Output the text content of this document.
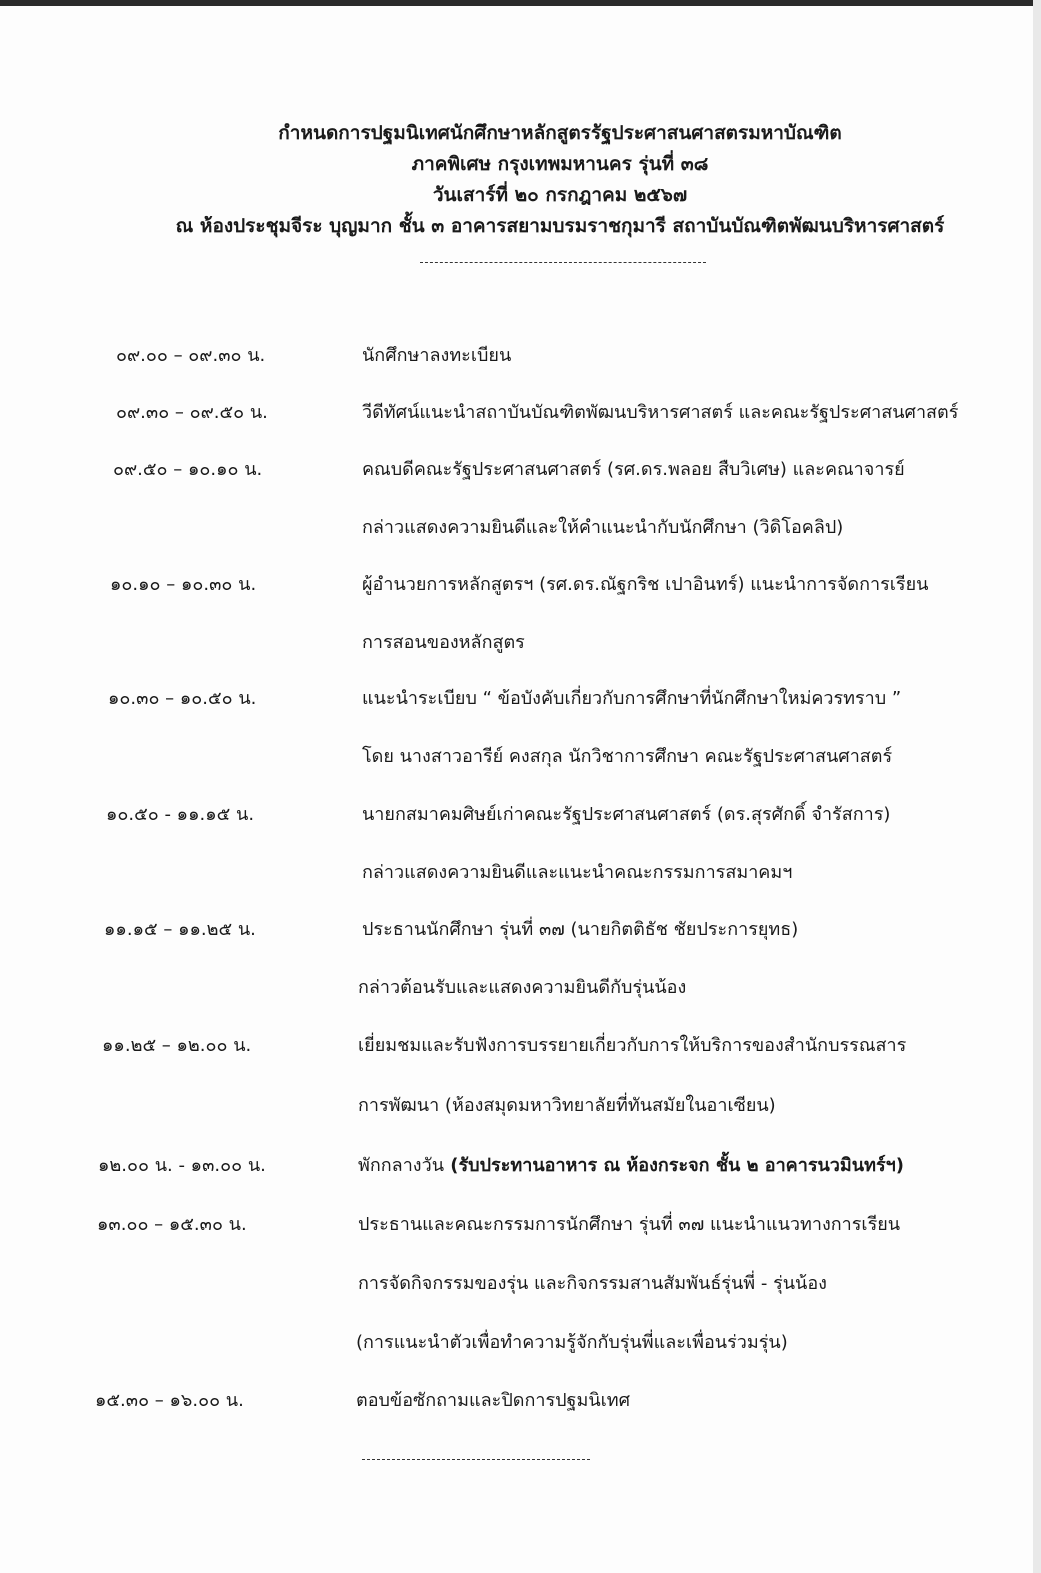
กำหนดการปฐมนิเทศนักศึกษาหลักสูตรรัฐประศาสนศาสตรมหาบัณฑิต
ภาคพิเศษ กรุงเทพมหานคร รุ่นที่ ๓๘
วันเสาร์ที่ ๒๐ กรกฎาคม ๒๕๖๗
ณ ห้องประชุมจีระ บุญมาก ชั้น ๓ อาคารสยามบรมราชกุมารี สถาบันบัณฑิตพัฒนบริหารศาสตร์
๐๙.๐๐ – ๐๙.๓๐ น.	นักศึกษาลงทะเบียน
๐๙.๓๐ – ๐๙.๕๐ น.	วีดีทัศน์แนะนำสถาบันบัณฑิตพัฒนบริหารศาสตร์ และคณะรัฐประศาสนศาสตร์
๐๙.๕๐ – ๑๐.๑๐ น.	คณบดีคณะรัฐประศาสนศาสตร์ (รศ.ดร.พลอย สืบวิเศษ) และคณาจารย์
กล่าวแสดงความยินดีและให้คำแนะนำกับนักศึกษา (วิดิโอคลิป)
๑๐.๑๐ – ๑๐.๓๐ น.	ผู้อำนวยการหลักสูตรฯ (รศ.ดร.ณัฐกริช เปาอินทร์) แนะนำการจัดการเรียน
การสอนของหลักสูตร
๑๐.๓๐ – ๑๐.๕๐ น.	แนะนำระเบียบ “ ข้อบังคับเกี่ยวกับการศึกษาที่นักศึกษาใหม่ควรทราบ ”
โดย นางสาวอารีย์ คงสกุล นักวิชาการศึกษา คณะรัฐประศาสนศาสตร์
๑๐.๕๐ - ๑๑.๑๕ น.	นายกสมาคมศิษย์เก่าคณะรัฐประศาสนศาสตร์ (ดร.สุรศักดิ์ จำรัสการ)
กล่าวแสดงความยินดีและแนะนำคณะกรรมการสมาคมฯ
๑๑.๑๕ – ๑๑.๒๕ น.	ประธานนักศึกษา รุ่นที่ ๓๗ (นายกิตติธัช ชัยประการยุทธ)
กล่าวต้อนรับและแสดงความยินดีกับรุ่นน้อง
๑๑.๒๕ – ๑๒.๐๐ น.	เยี่ยมชมและรับฟังการบรรยายเกี่ยวกับการให้บริการของสำนักบรรณสาร
การพัฒนา (ห้องสมุดมหาวิทยาลัยที่ทันสมัยในอาเซียน)
๑๒.๐๐ น. - ๑๓.๐๐ น.	พักกลางวัน (รับประทานอาหาร ณ ห้องกระจก ชั้น ๒ อาคารนวมินทร์ฯ)
๑๓.๐๐ – ๑๕.๓๐ น.	ประธานและคณะกรรมการนักศึกษา รุ่นที่ ๓๗ แนะนำแนวทางการเรียน
การจัดกิจกรรมของรุ่น และกิจกรรมสานสัมพันธ์รุ่นพี่ - รุ่นน้อง
(การแนะนำตัวเพื่อทำความรู้จักกับรุ่นพี่และเพื่อนร่วมรุ่น)
๑๕.๓๐ – ๑๖.๐๐ น.	ตอบข้อซักถามและปิดการปฐมนิเทศ
